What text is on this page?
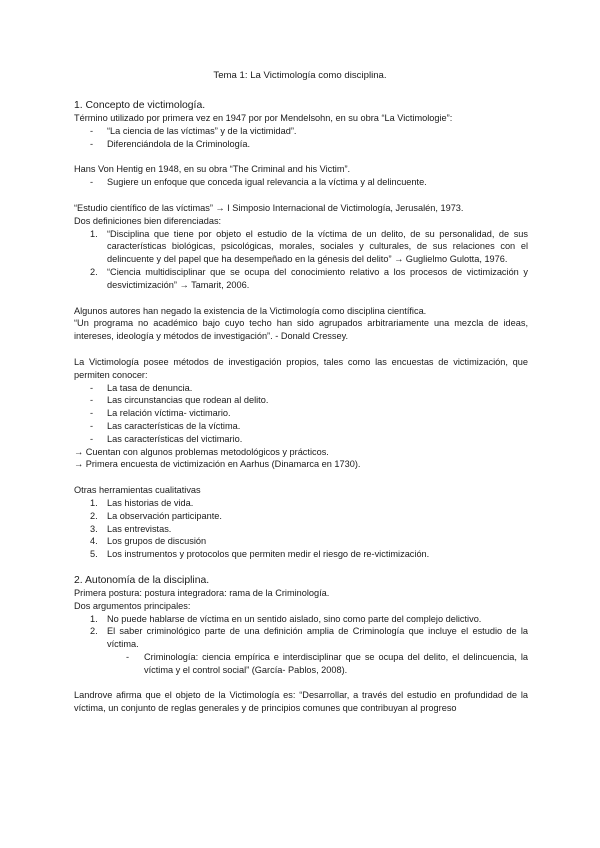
Tema 1: La Victimología como disciplina.

1. Concepto de victimología.

Término utilizado por primera vez en 1947 por por Mendelsohn, en su obra “La Victimologie”:

- “La ciencia de las víctimas” y de la victimidad”.
- Diferenciándola de la Criminología.

Hans Von Hentig en 1948, en su obra “The Criminal and his Victim”.

- Sugiere un enfoque que conceda igual relevancia a la víctima y al delincuente.

“Estudio científico de las víctimas” → I Simposio Internacional de Victimología, Jerusalén, 1973.

Dos definiciones bien diferenciadas:

1. “Disciplina que tiene por objeto el estudio de la víctima de un delito, de su personalidad, de sus características biológicas, psicológicas, morales, sociales y culturales, de sus relaciones con el delincuente y del papel que ha desempeñado en la génesis del delito” → Guglielmo Gulotta, 1976.
2. “Ciencia multidisciplinar que se ocupa del conocimiento relativo a los procesos de victimización y desvictimización” → Tamarit, 2006.

Algunos autores han negado la existencia de la Victimología como disciplina científica.

“Un programa no académico bajo cuyo techo han sido agrupados arbitrariamente una mezcla de ideas, intereses, ideología y métodos de investigación”. - Donald Cressey.

La Victimología posee métodos de investigación propios, tales como las encuestas de victimización, que permiten conocer:

- La tasa de denuncia.
- Las circunstancias que rodean al delito.
- La relación víctima- victimario.
- Las características de la víctima.
- Las características del victimario.

→ Cuentan con algunos problemas metodológicos y prácticos.

→ Primera encuesta de victimización en Aarhus (Dinamarca en 1730).

Otras herramientas cualitativas

1. Las historias de vida.
2. La observación participante.
3. Las entrevistas.
4. Los grupos de discusión
5. Los instrumentos y protocolos que permiten medir el riesgo de re-victimización.

2. Autonomía de la disciplina.

Primera postura: postura integradora: rama de la Criminología.

Dos argumentos principales:

1. No puede hablarse de víctima en un sentido aislado, sino como parte del complejo delictivo.
2. El saber criminológico parte de una definición amplia de Criminología que incluye el estudio de la víctima.
- Criminología: ciencia empírica e interdisciplinar que se ocupa del delito, el delincuencia, la víctima y el control social” (García- Pablos, 2008).

Landrove afirma que el objeto de la Victimología es: “Desarrollar, a través del estudio en profundidad de la víctima, un conjunto de reglas generales y de principios comunes que contribuyan al progreso
